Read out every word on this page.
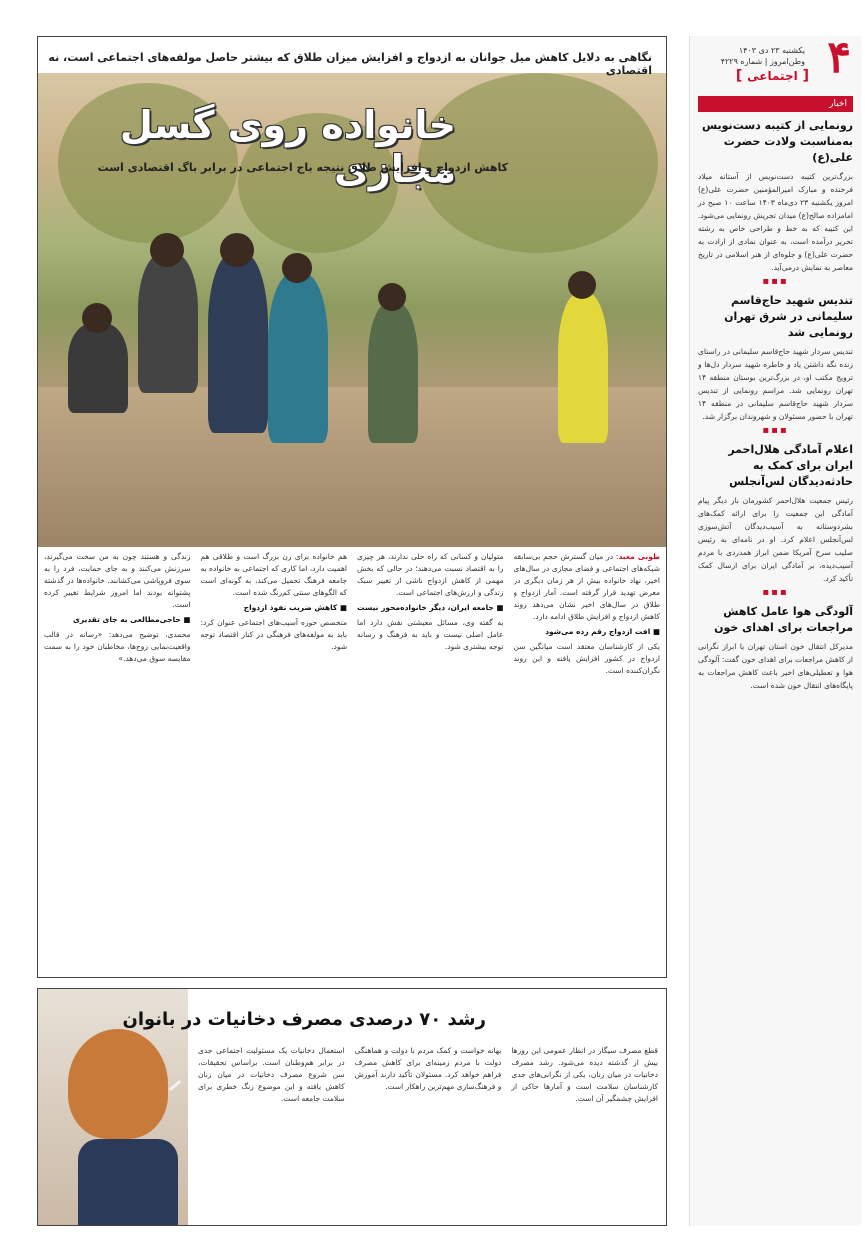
۴
یکشنبه ۲۳ دی ۱۴۰۳
وطن‌امروز | شماره ۴۲۲۹
[ اجتماعی ]
اخبار
رونمایی از کتیبه دست‌نویس به‌مناسبت ولادت حضرت علی(ع)
بزرگ‌ترین کتیبه دست‌نویس از آستانه میلاد فرخنده و مبارک امیرالمؤمنین حضرت علی(ع) امروز یکشنبه ۲۳ دی‌ماه ۱۴۰۳ ساعت ۱۰ صبح در امامزاده صالح(ع) میدان تجریش رونمایی می‌شود. این کتیبه که به خط و طراحی خاص به رشته تحریر درآمده است، به عنوان نمادی از ارادت به حضرت علی(ع) و جلوه‌ای از هنر اسلامی در تاریخ معاصر به نمایش درمی‌آید.
▪▪▪
تندیس شهید حاج‌قاسم سلیمانی در شرق تهران رونمایی شد
تندیس سردار شهید حاج‌قاسم سلیمانی در راستای زنده نگه داشتن یاد و خاطره شهید سردار دل‌ها و ترویج مکتب او، در بزرگ‌ترین بوستان منطقه ۱۴ تهران رونمایی شد. مراسم رونمایی از تندیس سردار شهید حاج‌قاسم سلیمانی در منطقه ۱۴ تهران با حضور مسئولان و شهروندان برگزار شد.
▪▪▪
اعلام آمادگی هلال‌احمر ایران برای کمک به حادثه‌دیدگان لس‌آنجلس
رئیس جمعیت هلال‌احمر کشورمان بار دیگر پیام آمادگی این جمعیت را برای ارائه کمک‌های بشردوستانه به آسیب‌دیدگان آتش‌سوزی لس‌آنجلس اعلام کرد. او در نامه‌ای به رئیس صلیب سرخ آمریکا ضمن ابراز همدردی با مردم آسیب‌دیده، بر آمادگی ایران برای ارسال کمک تأکید کرد.
▪▪▪
آلودگی هوا عامل کاهش مراجعات برای اهدای خون
مدیرکل انتقال خون استان تهران با ابراز نگرانی از کاهش مراجعات برای اهدای خون گفت: آلودگی هوا و تعطیلی‌های اخیر باعث کاهش مراجعات به پایگاه‌های انتقال خون شده است.
نگاهی به دلایل کاهش میل جوانان به ازدواج و افزایش میزان طلاق که بیشتر حاصل مولفه‌های اجتماعی است، نه اقتصادی
خانواده روی گسل مجازی
کاهش ازدواج و افزایش طلاق نتیجه باج اجتماعی در برابر باگ اقتصادی است
طوبی معبد: در میان گسترش حجم بی‌سابقه شبکه‌های اجتماعی و فضای مجازی در سال‌های اخیر، نهاد خانواده بیش از هر زمان دیگری در معرض تهدید قرار گرفته است. آمار ازدواج و طلاق در سال‌های اخیر نشان می‌دهد روند کاهش ازدواج و افزایش طلاق ادامه دارد.
■ افت ازدواج رقم زده می‌شود
یکی از کارشناسان معتقد است میانگین سن ازدواج در کشور افزایش یافته و این روند نگران‌کننده است.
متولیان و کسانی که راه حلی ندارند، هر چیزی را به اقتصاد نسبت می‌دهند؛ در حالی که بخش مهمی از کاهش ازدواج ناشی از تغییر سبک زندگی و ارزش‌های اجتماعی است.
■ جامعه ایران، دیگر خانواده‌محور نیست
به گفته وی، مسائل معیشتی نقش دارد اما عامل اصلی نیست و باید به فرهنگ و رسانه توجه بیشتری شود.
هم خانواده برای زن بزرگ است و طلاقی هم اهمیت دارد، اما کاری که اجتماعی به خانواده به جامعه فرهنگ تحمیل می‌کند، به گونه‌ای است که الگوهای سنتی کم‌رنگ شده است.
■ کاهش ضریب نفوذ ازدواج
متخصص حوزه آسیب‌های اجتماعی عنوان کرد: باید به مولفه‌های فرهنگی در کنار اقتصاد توجه شود.
زندگی و هستند چون به من سخت می‌گیرند، سرزنش می‌کنند و به جای حمایت، فرد را به سوی فروپاشی می‌کشانند. خانواده‌ها در گذشته پشتوانه بودند اما امروز شرایط تغییر کرده است.
■ حاجی‌مطالعی به جای تقدیری
محمدی، توضیح می‌دهد: «رسانه در قالب واقعیت‌نمایی زوج‌ها، مخاطبان خود را به سمت مقایسه سوق می‌دهد.»
رشد ۷۰ درصدی مصرف دخانیات در بانوان
قطع مصرف سیگار در انظار عمومی این روزها بیش از گذشته دیده می‌شود. رشد مصرف دخانیات در میان زنان، یکی از نگرانی‌های جدی کارشناسان سلامت است و آمارها حاکی از افزایش چشمگیر آن است.
بهانه خواست و کمک مردم با دولت و هماهنگی دولت با مردم زمینه‌ای برای کاهش مصرف فراهم خواهد کرد. مسئولان تأکید دارند آموزش و فرهنگ‌سازی مهم‌ترین راهکار است.
استعمال دخانیات یک مسئولیت اجتماعی جدی در برابر هم‌وطنان است. براساس تحقیقات، سن شروع مصرف دخانیات در میان زنان کاهش یافته و این موضوع زنگ خطری برای سلامت جامعه است.
